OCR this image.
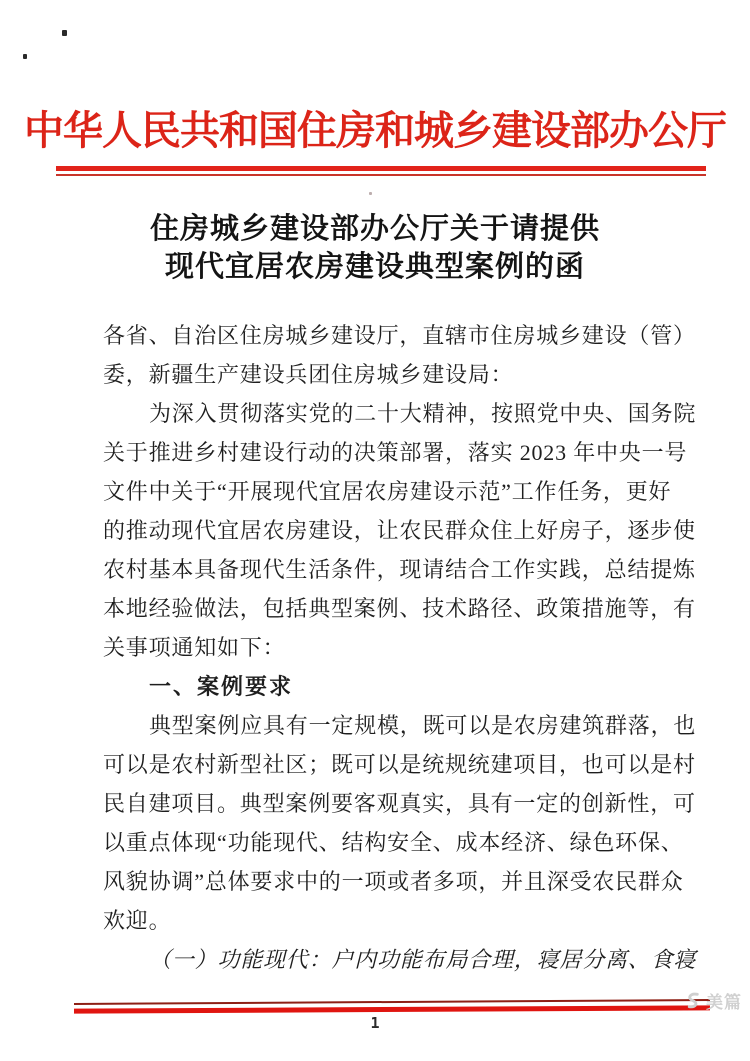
中华人民共和国住房和城乡建设部办公厅
住房城乡建设部办公厅关于请提供
现代宜居农房建设典型案例的函
各省、自治区住房城乡建设厅，直辖市住房城乡建设（管）
委，新疆生产建设兵团住房城乡建设局：
为深入贯彻落实党的二十大精神，按照党中央、国务院
关于推进乡村建设行动的决策部署，落实 2023 年中央一号
文件中关于“开展现代宜居农房建设示范”工作任务，更好
的推动现代宜居农房建设，让农民群众住上好房子，逐步使
农村基本具备现代生活条件，现请结合工作实践，总结提炼
本地经验做法，包括典型案例、技术路径、政策措施等，有
关事项通知如下：
一、案例要求
典型案例应具有一定规模，既可以是农房建筑群落，也
可以是农村新型社区；既可以是统规统建项目，也可以是村
民自建项目。典型案例要客观真实，具有一定的创新性，可
以重点体现“功能现代、结构安全、成本经济、绿色环保、
风貌协调”总体要求中的一项或者多项，并且深受农民群众
欢迎。
（一）功能现代：户内功能布局合理，寝居分离、食寝
1
美篇
